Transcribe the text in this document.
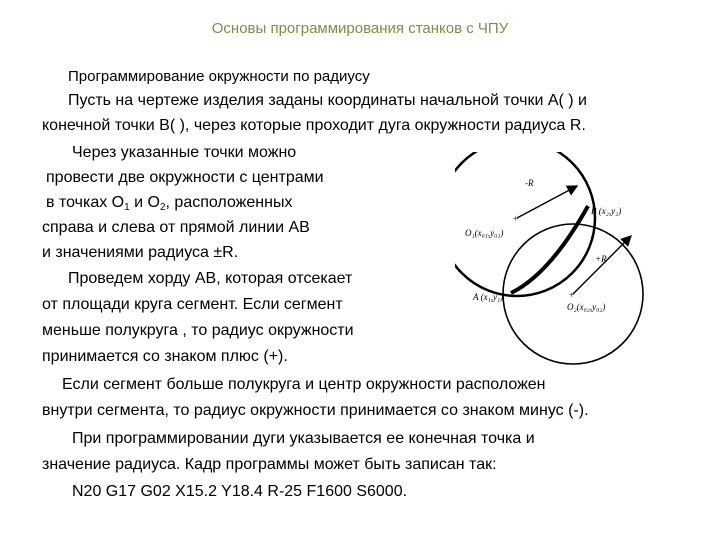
Основы программирования станков с ЧПУ
Программирование окружности по радиусу
Пусть на чертеже изделия заданы координаты начальной точки A( ) и
конечной точки B( ), через которые проходит дуга окружности радиуса R.
Через указанные точки можно
провести две окружности с центрами
в точках $O_1$ и $O_2$, расположенных
справа и слева от прямой линии AB
и значениями радиуса ±R.
Проведем хорду AB, которая отсекает
от площади круга сегмент. Если сегмент
меньше полукруга , то радиус окружности
принимается со знаком плюс (+).
Если сегмент больше полукруга и центр окружности расположен
внутри сегмента, то радиус окружности принимается со знаком минус (-).
При программировании дуги указывается ее конечная точка и
значение радиуса. Кадр программы может быть записан так:
N20 G17 G02 X15.2 Y18.4 R-25 F1600 S6000.
+
+
-R
+R
B (x₂,y₂)
O₁(x₀₁,y₀₁)
A (x₁,y₁)
O₂(x₀₂,y₀₂)
